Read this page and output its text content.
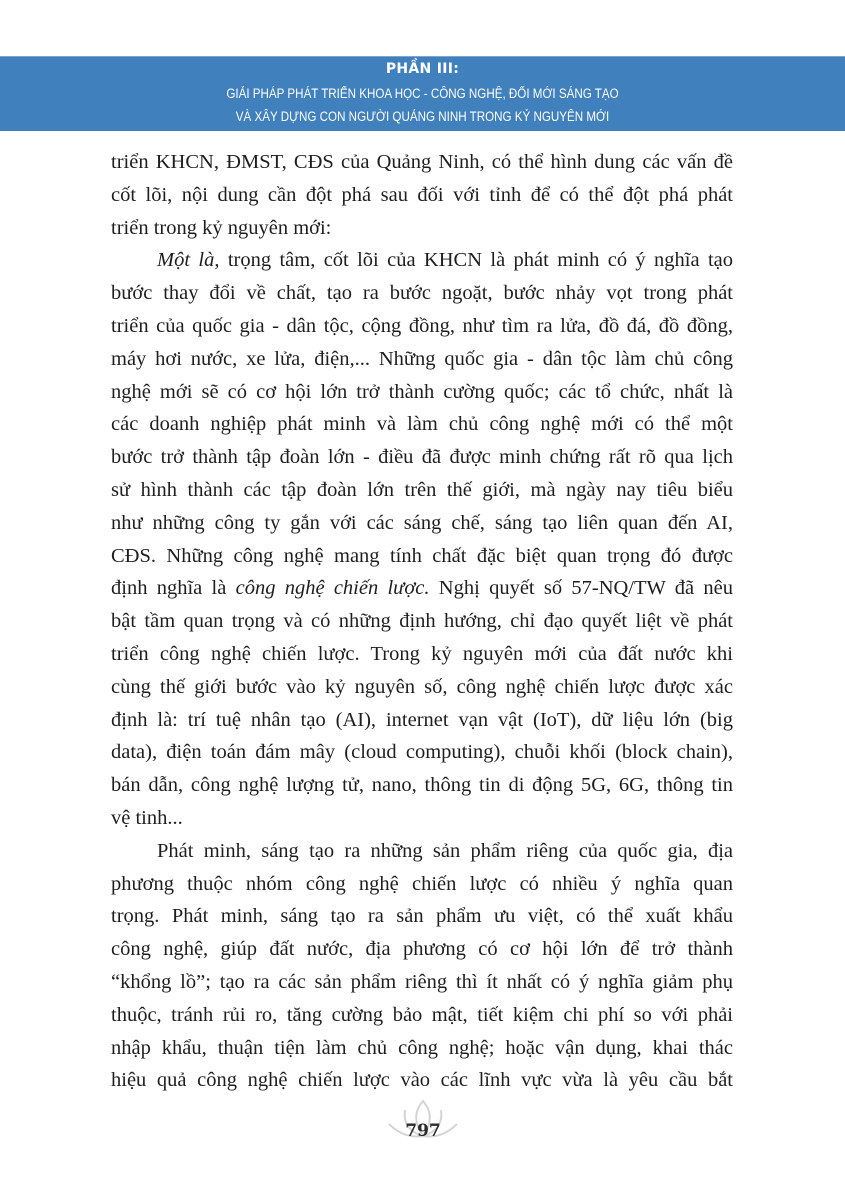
PHẦN III:
GIẢI PHÁP PHÁT TRIỂN KHOA HỌC - CÔNG NGHỆ, ĐỔI MỚI SÁNG TẠO
VÀ XÂY DỰNG CON NGƯỜI QUẢNG NINH TRONG KỶ NGUYÊN MỚI
triển KHCN, ĐMST, CĐS của Quảng Ninh, có thể hình dung các vấn đề
cốt lõi, nội dung cần đột phá sau đối với tỉnh để có thể đột phá phát
triển trong kỷ nguyên mới:
Một là, trọng tâm, cốt lõi của KHCN là phát minh có ý nghĩa tạo
bước thay đổi về chất, tạo ra bước ngoặt, bước nhảy vọt trong phát
triển của quốc gia - dân tộc, cộng đồng, như tìm ra lửa, đồ đá, đồ đồng,
máy hơi nước, xe lửa, điện,... Những quốc gia - dân tộc làm chủ công
nghệ mới sẽ có cơ hội lớn trở thành cường quốc; các tổ chức, nhất là
các doanh nghiệp phát minh và làm chủ công nghệ mới có thể một
bước trở thành tập đoàn lớn - điều đã được minh chứng rất rõ qua lịch
sử hình thành các tập đoàn lớn trên thế giới, mà ngày nay tiêu biểu
như những công ty gắn với các sáng chế, sáng tạo liên quan đến AI,
CĐS. Những công nghệ mang tính chất đặc biệt quan trọng đó được
định nghĩa là công nghệ chiến lược. Nghị quyết số 57-NQ/TW đã nêu
bật tầm quan trọng và có những định hướng, chỉ đạo quyết liệt về phát
triển công nghệ chiến lược. Trong kỷ nguyên mới của đất nước khi
cùng thế giới bước vào kỷ nguyên số, công nghệ chiến lược được xác
định là: trí tuệ nhân tạo (AI), internet vạn vật (IoT), dữ liệu lớn (big
data), điện toán đám mây (cloud computing), chuỗi khối (block chain),
bán dẫn, công nghệ lượng tử, nano, thông tin di động 5G, 6G, thông tin
vệ tinh...
Phát minh, sáng tạo ra những sản phẩm riêng của quốc gia, địa
phương thuộc nhóm công nghệ chiến lược có nhiều ý nghĩa quan
trọng. Phát minh, sáng tạo ra sản phẩm ưu việt, có thể xuất khẩu
công nghệ, giúp đất nước, địa phương có cơ hội lớn để trở thành
“khổng lồ”; tạo ra các sản phẩm riêng thì ít nhất có ý nghĩa giảm phụ
thuộc, tránh rủi ro, tăng cường bảo mật, tiết kiệm chi phí so với phải
nhập khẩu, thuận tiện làm chủ công nghệ; hoặc vận dụng, khai thác
hiệu quả công nghệ chiến lược vào các lĩnh vực vừa là yêu cầu bắt
797
